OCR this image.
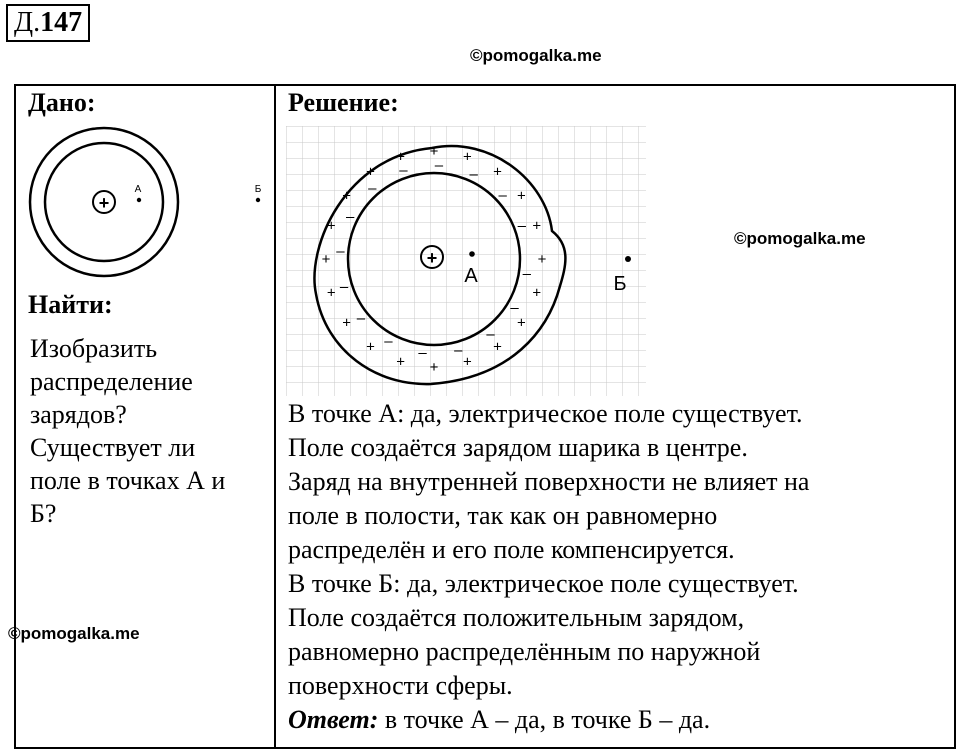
Д.147
©pomogalka.me
Дано:
+
А	Б
Найти:
Изобразить
распределение
зарядов?
Существует ли
поле в точках А и
Б?
Решение:
+
+
+
+
+
+
+
+
+
+
+
+
+
+
+ + +
+
+
+
–
–
–
–
–
–
–
–
–
–
–
– –
–
–
–
+
А	Б
В точке А: да, электрическое поле существует.
Поле создаётся зарядом шарика в центре.
Заряд на внутренней поверхности не влияет на
поле в полости, так как он равномерно
распределён и его поле компенсируется.
В точке Б: да, электрическое поле существует.
Поле создаётся положительным зарядом,
равномерно распределённым по наружной
поверхности сферы.
Ответ: в точке А – да, в точке Б – да.
©pomogalka.me
©pomogalka.me
